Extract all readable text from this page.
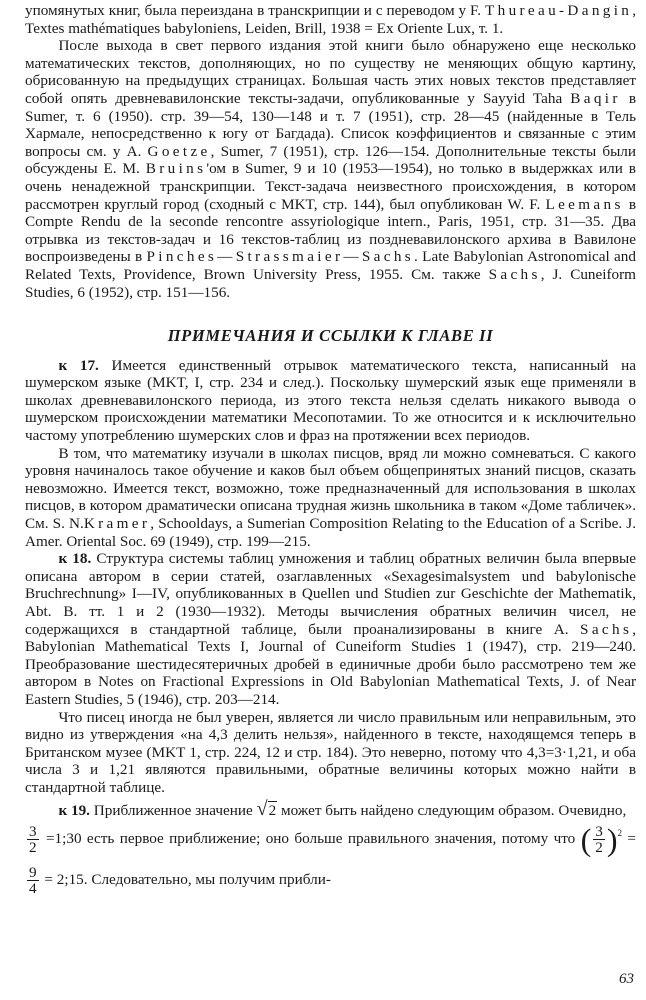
упомянутых книг, была переиздана в транскрипции и с переводом у F. Thureau-Dangin, Textes mathématiques babyloniens, Leiden, Brill, 1938 = Ex Oriente Lux, т. 1.

После выхода в свет первого издания этой книги было обнаружено еще несколько математических текстов, дополняющих, но по существу не меняющих общую картину, обрисованную на предыдущих страницах. Большая часть этих новых текстов представляет собой опять древневавилонские тексты-задачи, опубликованные у Sayyid Taha Baqir в Sumer, т. 6 (1950). стр. 39—54, 130—148 и т. 7 (1951), стр. 28—45 (найденные в Тель Хармале, непосредственно к югу от Багдада). Список коэффициентов и связанные с этим вопросы см. у A. Goetze, Sumer, 7 (1951), стр. 126—154. Дополнительные тексты были обсуждены E. M. Bruins'ом в Sumer, 9 и 10 (1953—1954), но только в выдержках или в очень ненадежной транскрипции. Текст-задача неизвестного происхождения, в котором рассмотрен круглый город (сходный с MKT, стр. 144), был опубликован W. F. Leemans в Compte Rendu de la seconde rencontre assyriologique intern., Paris, 1951, стр. 31—35. Два отрывка из текстов-задач и 16 текстов-таблиц из поздневавилонского архива в Вавилоне воспроизведены в Pinches—Strassmaier—Sachs. Late Babylonian Astronomical and Related Texts, Providence, Brown University Press, 1955. См. также Sachs, J. Cuneiform Studies, 6 (1952), стр. 151—156.

ПРИМЕЧАНИЯ И ССЫЛКИ К ГЛАВЕ II

к 17. Имеется единственный отрывок математического текста, написанный на шумерском языке (MKT, I, стр. 234 и след.). Поскольку шумерский язык еще применяли в школах древневавилонского периода, из этого текста нельзя сделать никакого вывода о шумерском происхождении математики Месопотамии. То же относится и к исключительно частому употреблению шумерских слов и фраз на протяжении всех периодов.

В том, что математику изучали в школах писцов, вряд ли можно сомневаться. С какого уровня начиналось такое обучение и каков был объем общепринятых знаний писцов, сказать невозможно. Имеется текст, возможно, тоже предназначенный для использования в школах писцов, в котором драматически описана трудная жизнь школьника в таком «Доме табличек». См. S. N.Kramer, Schooldays, a Sumerian Composition Relating to the Education of a Scribe. J. Amer. Oriental Soc. 69 (1949), стр. 199—215.

к 18. Структура системы таблиц умножения и таблиц обратных величин была впервые описана автором в серии статей, озаглавленных «Sexagesimalsystem und babylonische Bruchrechnung» I—IV, опубликованных в Quellen und Studien zur Geschichte der Mathematik, Abt. B. тт. 1 и 2 (1930—1932). Методы вычисления обратных величин чисел, не содержащихся в стандартной таблице, были проанализированы в книге A. Sachs, Babylonian Mathematical Texts I, Journal of Cuneiform Studies 1 (1947), стр. 219—240. Преобразование шестидесятеричных дробей в единичные дроби было рассмотрено тем же автором в Notes on Fractional Expressions in Old Babylonian Mathematical Texts, J. of Near Eastern Studies, 5 (1946), стр. 203—214.

Что писец иногда не был уверен, является ли число правильным или неправильным, это видно из утверждения «на 4,3 делить нельзя», найденного в тексте, находящемся теперь в Британском музее (MKT 1, стр. 224, 12 и стр. 184). Это неверно, потому что 4,3=3·1,21, и оба числа 3 и 1,21 являются правильными, обратные величины которых можно найти в стандартной таблице.

к 19. Приближенное значение √2 может быть найдено следующим образом. Очевидно,

$\frac{3}{2}$ =1;30 есть первое приближение; оно больше правильного значения, потому что ( $\frac{3}{2} )^2$ =
$\frac{9}{4}$ = 2;15. Следовательно, мы получим прибли-

63
